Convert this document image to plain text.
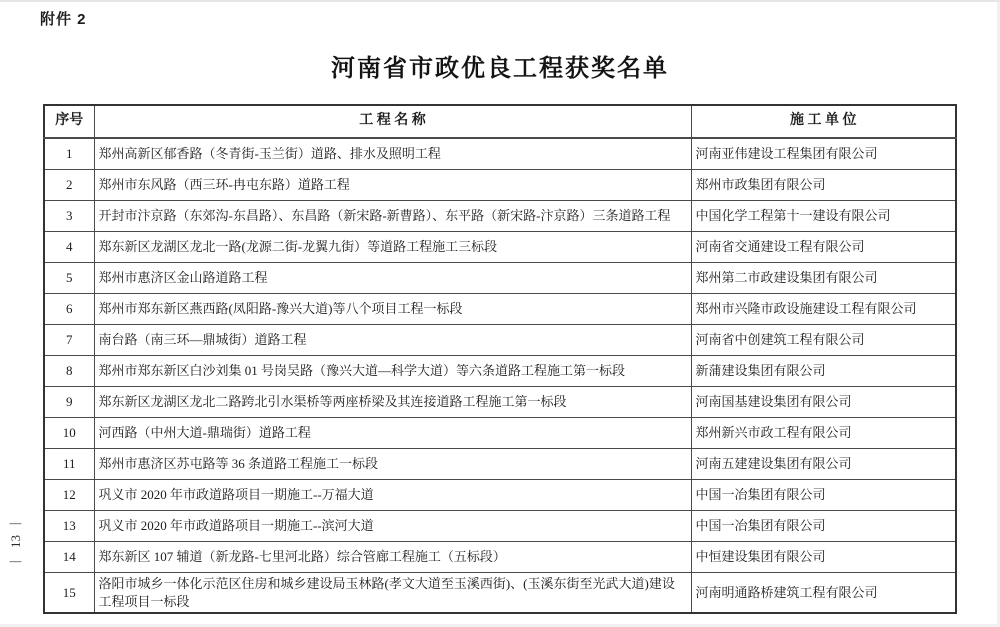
附件 2
河南省市政优良工程获奖名单
序号	工 程 名 称	施 工 单 位
1	郑州高新区郁香路（冬青街-玉兰街）道路、排水及照明工程	河南亚伟建设工程集团有限公司
2	郑州市东风路（西三环-冉屯东路）道路工程	郑州市政集团有限公司
3	开封市汴京路（东郊沟-东昌路）、东昌路（新宋路-新曹路）、东平路（新宋路-汴京路）三条道路工程	中国化学工程第十一建设有限公司
4	郑东新区龙湖区龙北一路(龙源二街-龙翼九街）等道路工程施工三标段	河南省交通建设工程有限公司
5	郑州市惠济区金山路道路工程	郑州第二市政建设集团有限公司
6	郑州市郑东新区燕西路(凤阳路-豫兴大道)等八个项目工程一标段	郑州市兴隆市政设施建设工程有限公司
7	南台路（南三环—鼎城街）道路工程	河南省中创建筑工程有限公司
8	郑州市郑东新区白沙刘集 01 号岗吴路（豫兴大道—科学大道）等六条道路工程施工第一标段	新蒲建设集团有限公司
9	郑东新区龙湖区龙北二路跨北引水渠桥等两座桥梁及其连接道路工程施工第一标段	河南国基建设集团有限公司
10	河西路（中州大道-鼎瑞街）道路工程	郑州新兴市政工程有限公司
11	郑州市惠济区苏屯路等 36 条道路工程施工一标段	河南五建建设集团有限公司
12	巩义市 2020 年市政道路项目一期施工--万福大道	中国一冶集团有限公司
13	巩义市 2020 年市政道路项目一期施工--滨河大道	中国一冶集团有限公司
14	郑东新区 107 辅道（新龙路-七里河北路）综合管廊工程施工（五标段）	中恒建设集团有限公司
15	洛阳市城乡一体化示范区住房和城乡建设局玉林路(孝文大道至玉溪西街)、(玉溪东街至光武大道)建设工程项目一标段	河南明通路桥建筑工程有限公司
—
13
—
